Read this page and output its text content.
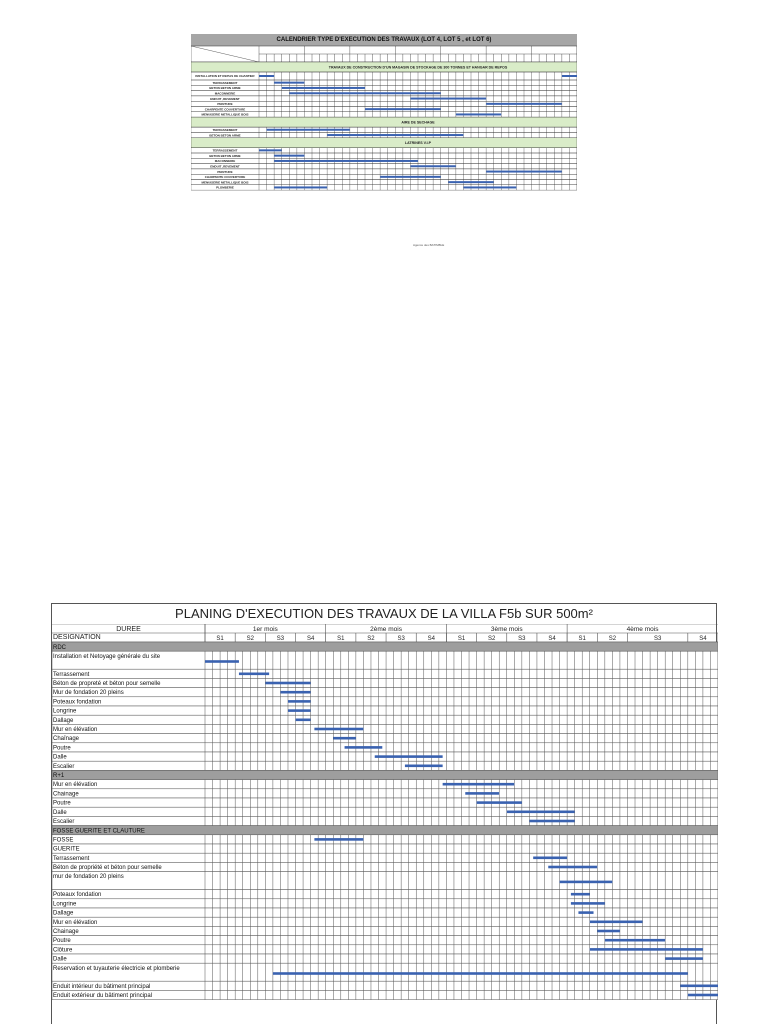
CALENDRIER TYPE D'EXECUTION DES TRAVAUX (LOT 4, LOT 5 , et LOT 6)
TRAVAUX DE CONSTRUCTION D'UN MAGASIN DE STOCKAGE DE 300 TONNES ET HANGAR DE REPOS
INSTALLATION ET REPLIS DE CHANTIER
TERRASSEMENT
BETON BETON ARME
MACONNERIE
ENDUIT ,REVEMENT
PEINTURE
CHARPENTE COUVERTURE
MENUISERIE METALLIQUE BOIS
AIRE DE SECHAGE
TERRASSEMENT
BETON BETON ARME
LATRINES V.I.P
TERRASSEMENT
BETON BETON ARME
MACONNERIE
ENDUIT ,REVEMENT
PEINTURE
CHARPENTE COUVERTURE
MENUISERIE METALLIQUE BOIS
PLOMBERIE
Agence des BATIMBLE
PLANING D'EXECUTION DES TRAVAUX DE LA VILLA F5b SUR 500m²
DUREE
DESIGNATION
1er mois	2ème mois	3ème mois	4ème mois
S1	S2	S3	S4	S1	S2	S3	S4	S1	S2	S3	S4	S1	S2	S3	S4
RDC
Installation et Netoyage générale du site
Terrassement
Béton de propreté et béton pour semelle
Mur de fondation 20 pleins
Poteaux fondation
Longrine
Dallage
Mur en élévation
Chaînage
Poutre
Dalle
Escalier
R+1
Mur en élévation
Chainage
Poutre
Dalle
Escalier
FOSSE GUERITE ET CLAUTURE
FOSSE
GUERITE
Terrassement
Béton de propriété et béton pour semelle
mur de fondation 20 pleins
Poteaux fondation
Longrine
Dallage
Mur en élévation
Chainage
Poutre
Clôture
Dalle
Reservation et tuyauterie électricie et plomberie
Enduit intérieur du bâtiment principal
Enduit extérieur du bâtiment principal
